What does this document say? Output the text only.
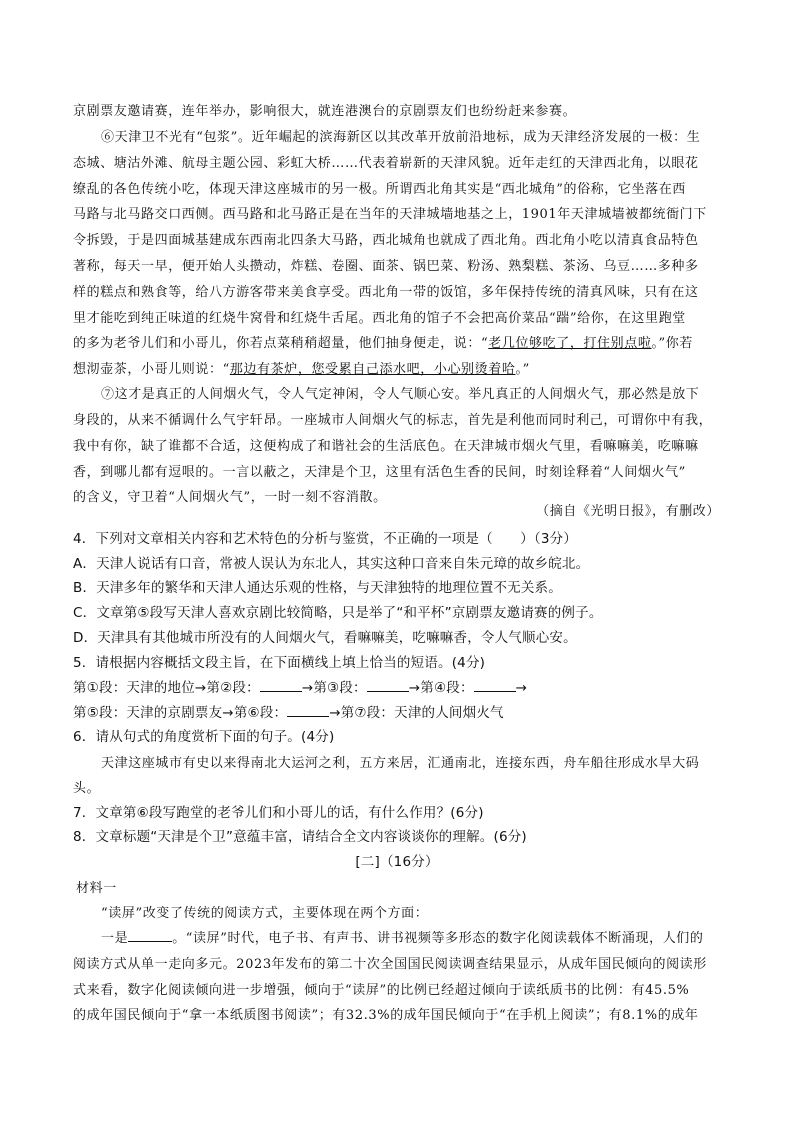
京剧票友邀请赛，连年举办，影响很大，就连港澳台的京剧票友们也纷纷赶来参赛。
⑥天津卫不光有“包浆”。近年崛起的滨海新区以其改革开放前沿地标，成为天津经济发展的一极：生
态城、塘沽外滩、航母主题公园、彩虹大桥……代表着崭新的天津风貌。近年走红的天津西北角，以眼花
缭乱的各色传统小吃，体现天津这座城市的另一极。所谓西北角其实是“西北城角”的俗称，它坐落在西
马路与北马路交口西侧。西马路和北马路正是在当年的天津城墙地基之上，1901年天津城墙被都统衙门下
令拆毁，于是四面城基建成东西南北四条大马路，西北城角也就成了西北角。西北角小吃以清真食品特色
著称，每天一早，便开始人头攒动，炸糕、卷圈、面茶、锅巴菜、粉汤、熟梨糕、茶汤、乌豆……多种多
样的糕点和熟食等，给八方游客带来美食享受。西北角一带的饭馆，多年保持传统的清真风味，只有在这
里才能吃到纯正味道的红烧牛窝骨和红烧牛舌尾。西北角的馆子不会把高价菜品“踹”给你，在这里跑堂
的多为老爷儿们和小哥儿，你若点菜稍稍超量，他们抽身便走，说：“老几位够吃了，打住别点啦。”你若
想沏壶茶，小哥儿则说：“那边有茶炉，您受累自己添水吧，小心别烫着哈。”
⑦这才是真正的人间烟火气，令人气定神闲，令人气顺心安。举凡真正的人间烟火气，那必然是放下
身段的，从来不循调什么气宇轩昂。一座城市人间烟火气的标志，首先是利他而同时利己，可谓你中有我，
我中有你，缺了谁都不合适，这便构成了和谐社会的生活底色。在天津城市烟火气里，看嘛嘛美，吃嘛嘛
香，到哪儿都有逗哏的。一言以蔽之，天津是个卫，这里有活色生香的民间，时刻诠释着“人间烟火气”
的含义，守卫着“人间烟火气”，一时一刻不容消散。
（摘自《光明日报》，有删改）
4．下列对文章相关内容和艺术特色的分析与鉴赏，不正确的一项是（　　）（3分）
A．天津人说话有口音，常被人误认为东北人，其实这种口音来自朱元璋的故乡皖北。
B．天津多年的繁华和天津人通达乐观的性格，与天津独特的地理位置不无关系。
C．文章第⑤段写天津人喜欢京剧比较简略，只是举了“和平杯”京剧票友邀请赛的例子。
D．天津具有其他城市所没有的人间烟火气，看嘛嘛美，吃嘛嘛香，令人气顺心安。
5．请根据内容概括文段主旨，在下面横线上填上恰当的短语。(4分)
第①段：天津的地位→第②段：	→第③段：	→第④段：	→
第⑤段：天津的京剧票友→第⑥段：	→第⑦段：天津的人间烟火气
6．请从句式的角度赏析下面的句子。(4分)
天津这座城市有史以来得南北大运河之利，五方来居，汇通南北，连接东西，舟车船往形成水旱大码
头。
7．文章第⑥段写跑堂的老爷儿们和小哥儿的话，有什么作用？(6分)
8．文章标题“天津是个卫”意蕴丰富，请结合全文内容谈谈你的理解。(6分)
[二]（16分）
材料一
“读屏”改变了传统的阅读方式，主要体现在两个方面：
一是	。“读屏”时代，电子书、有声书、讲书视频等多形态的数字化阅读载体不断涌现，人们的
阅读方式从单一走向多元。2023年发布的第二十次全国国民阅读调查结果显示，从成年国民倾向的阅读形
式来看，数字化阅读倾向进一步增强，倾向于“读屏”的比例已经超过倾向于读纸质书的比例：有45.5%
的成年国民倾向于“拿一本纸质图书阅读”；有32.3%的成年国民倾向于“在手机上阅读”；有8.1%的成年
